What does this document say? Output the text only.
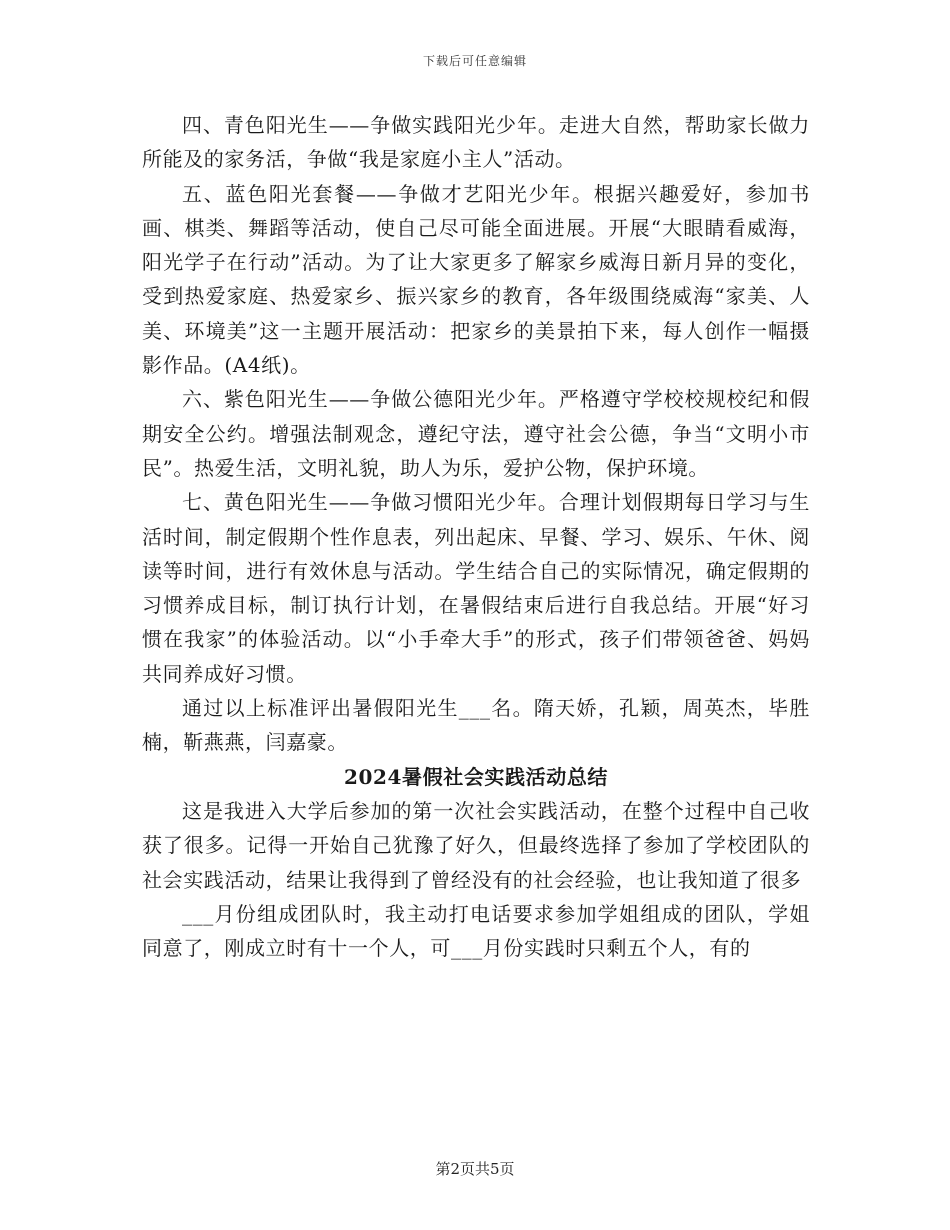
下载后可任意编辑

四、青色阳光生——争做实践阳光少年。走进大自然，帮助家长做力所能及的家务活，争做“我是家庭小主人”活动。

五、蓝色阳光套餐——争做才艺阳光少年。根据兴趣爱好，参加书画、棋类、舞蹈等活动，使自己尽可能全面进展。开展“大眼睛看威海，阳光学子在行动”活动。为了让大家更多了解家乡威海日新月异的变化，受到热爱家庭、热爱家乡、振兴家乡的教育，各年级围绕威海“家美、人美、环境美”这一主题开展活动：把家乡的美景拍下来，每人创作一幅摄影作品。(A4纸)。

六、紫色阳光生——争做公德阳光少年。严格遵守学校校规校纪和假期安全公约。增强法制观念，遵纪守法，遵守社会公德，争当“文明小市民”。热爱生活，文明礼貌，助人为乐，爱护公物，保护环境。

七、黄色阳光生——争做习惯阳光少年。合理计划假期每日学习与生活时间，制定假期个性作息表，列出起床、早餐、学习、娱乐、午休、阅读等时间，进行有效休息与活动。学生结合自己的实际情况，确定假期的习惯养成目标，制订执行计划，在暑假结束后进行自我总结。开展“好习惯在我家”的体验活动。以“小手牵大手”的形式，孩子们带领爸爸、妈妈共同养成好习惯。

通过以上标准评出暑假阳光生___名。隋天娇，孔颖，周英杰，毕胜楠，靳燕燕，闫嘉豪。

2024暑假社会实践活动总结

这是我进入大学后参加的第一次社会实践活动，在整个过程中自己收获了很多。记得一开始自己犹豫了好久，但最终选择了参加了学校团队的社会实践活动，结果让我得到了曾经没有的社会经验，也让我知道了很多

___月份组成团队时，我主动打电话要求参加学姐组成的团队，学姐同意了，刚成立时有十一个人，可___月份实践时只剩五个人，有的

第2页共5页
